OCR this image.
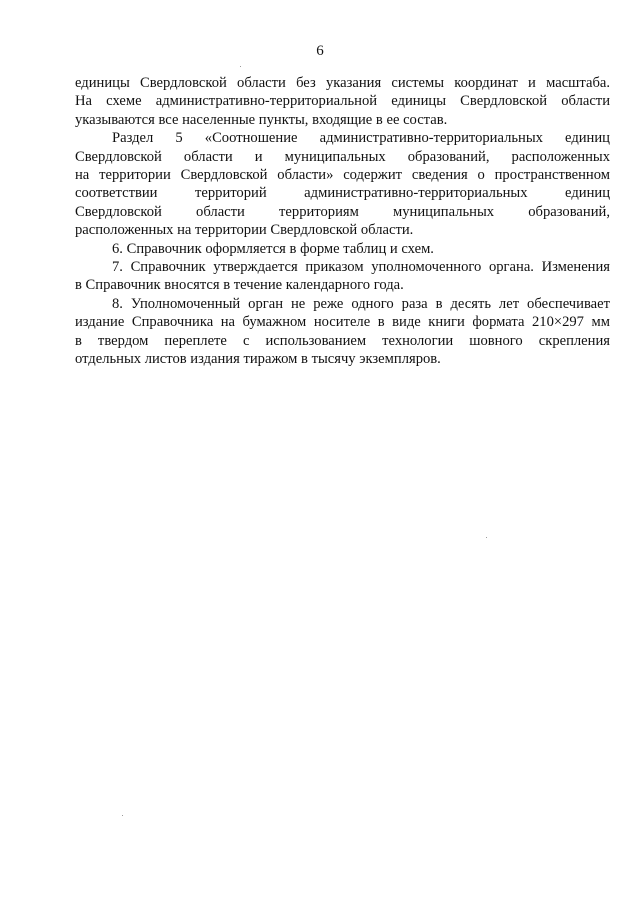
6

единицы Свердловской области без указания системы координат и масштаба.
На схеме административно-территориальной единицы Свердловской области
указываются все населенные пункты, входящие в ее состав.

Раздел 5 «Соотношение административно-территориальных единиц
Свердловской области и муниципальных образований, расположенных
на территории Свердловской области» содержит сведения о пространственном
соответствии территорий административно-территориальных единиц
Свердловской области территориям муниципальных образований,
расположенных на территории Свердловской области.

6. Справочник оформляется в форме таблиц и схем.

7. Справочник утверждается приказом уполномоченного органа. Изменения
в Справочник вносятся в течение календарного года.

8. Уполномоченный орган не реже одного раза в десять лет обеспечивает
издание Справочника на бумажном носителе в виде книги формата 210×297 мм
в твердом переплете с использованием технологии шовного скрепления
отдельных листов издания тиражом в тысячу экземпляров.
